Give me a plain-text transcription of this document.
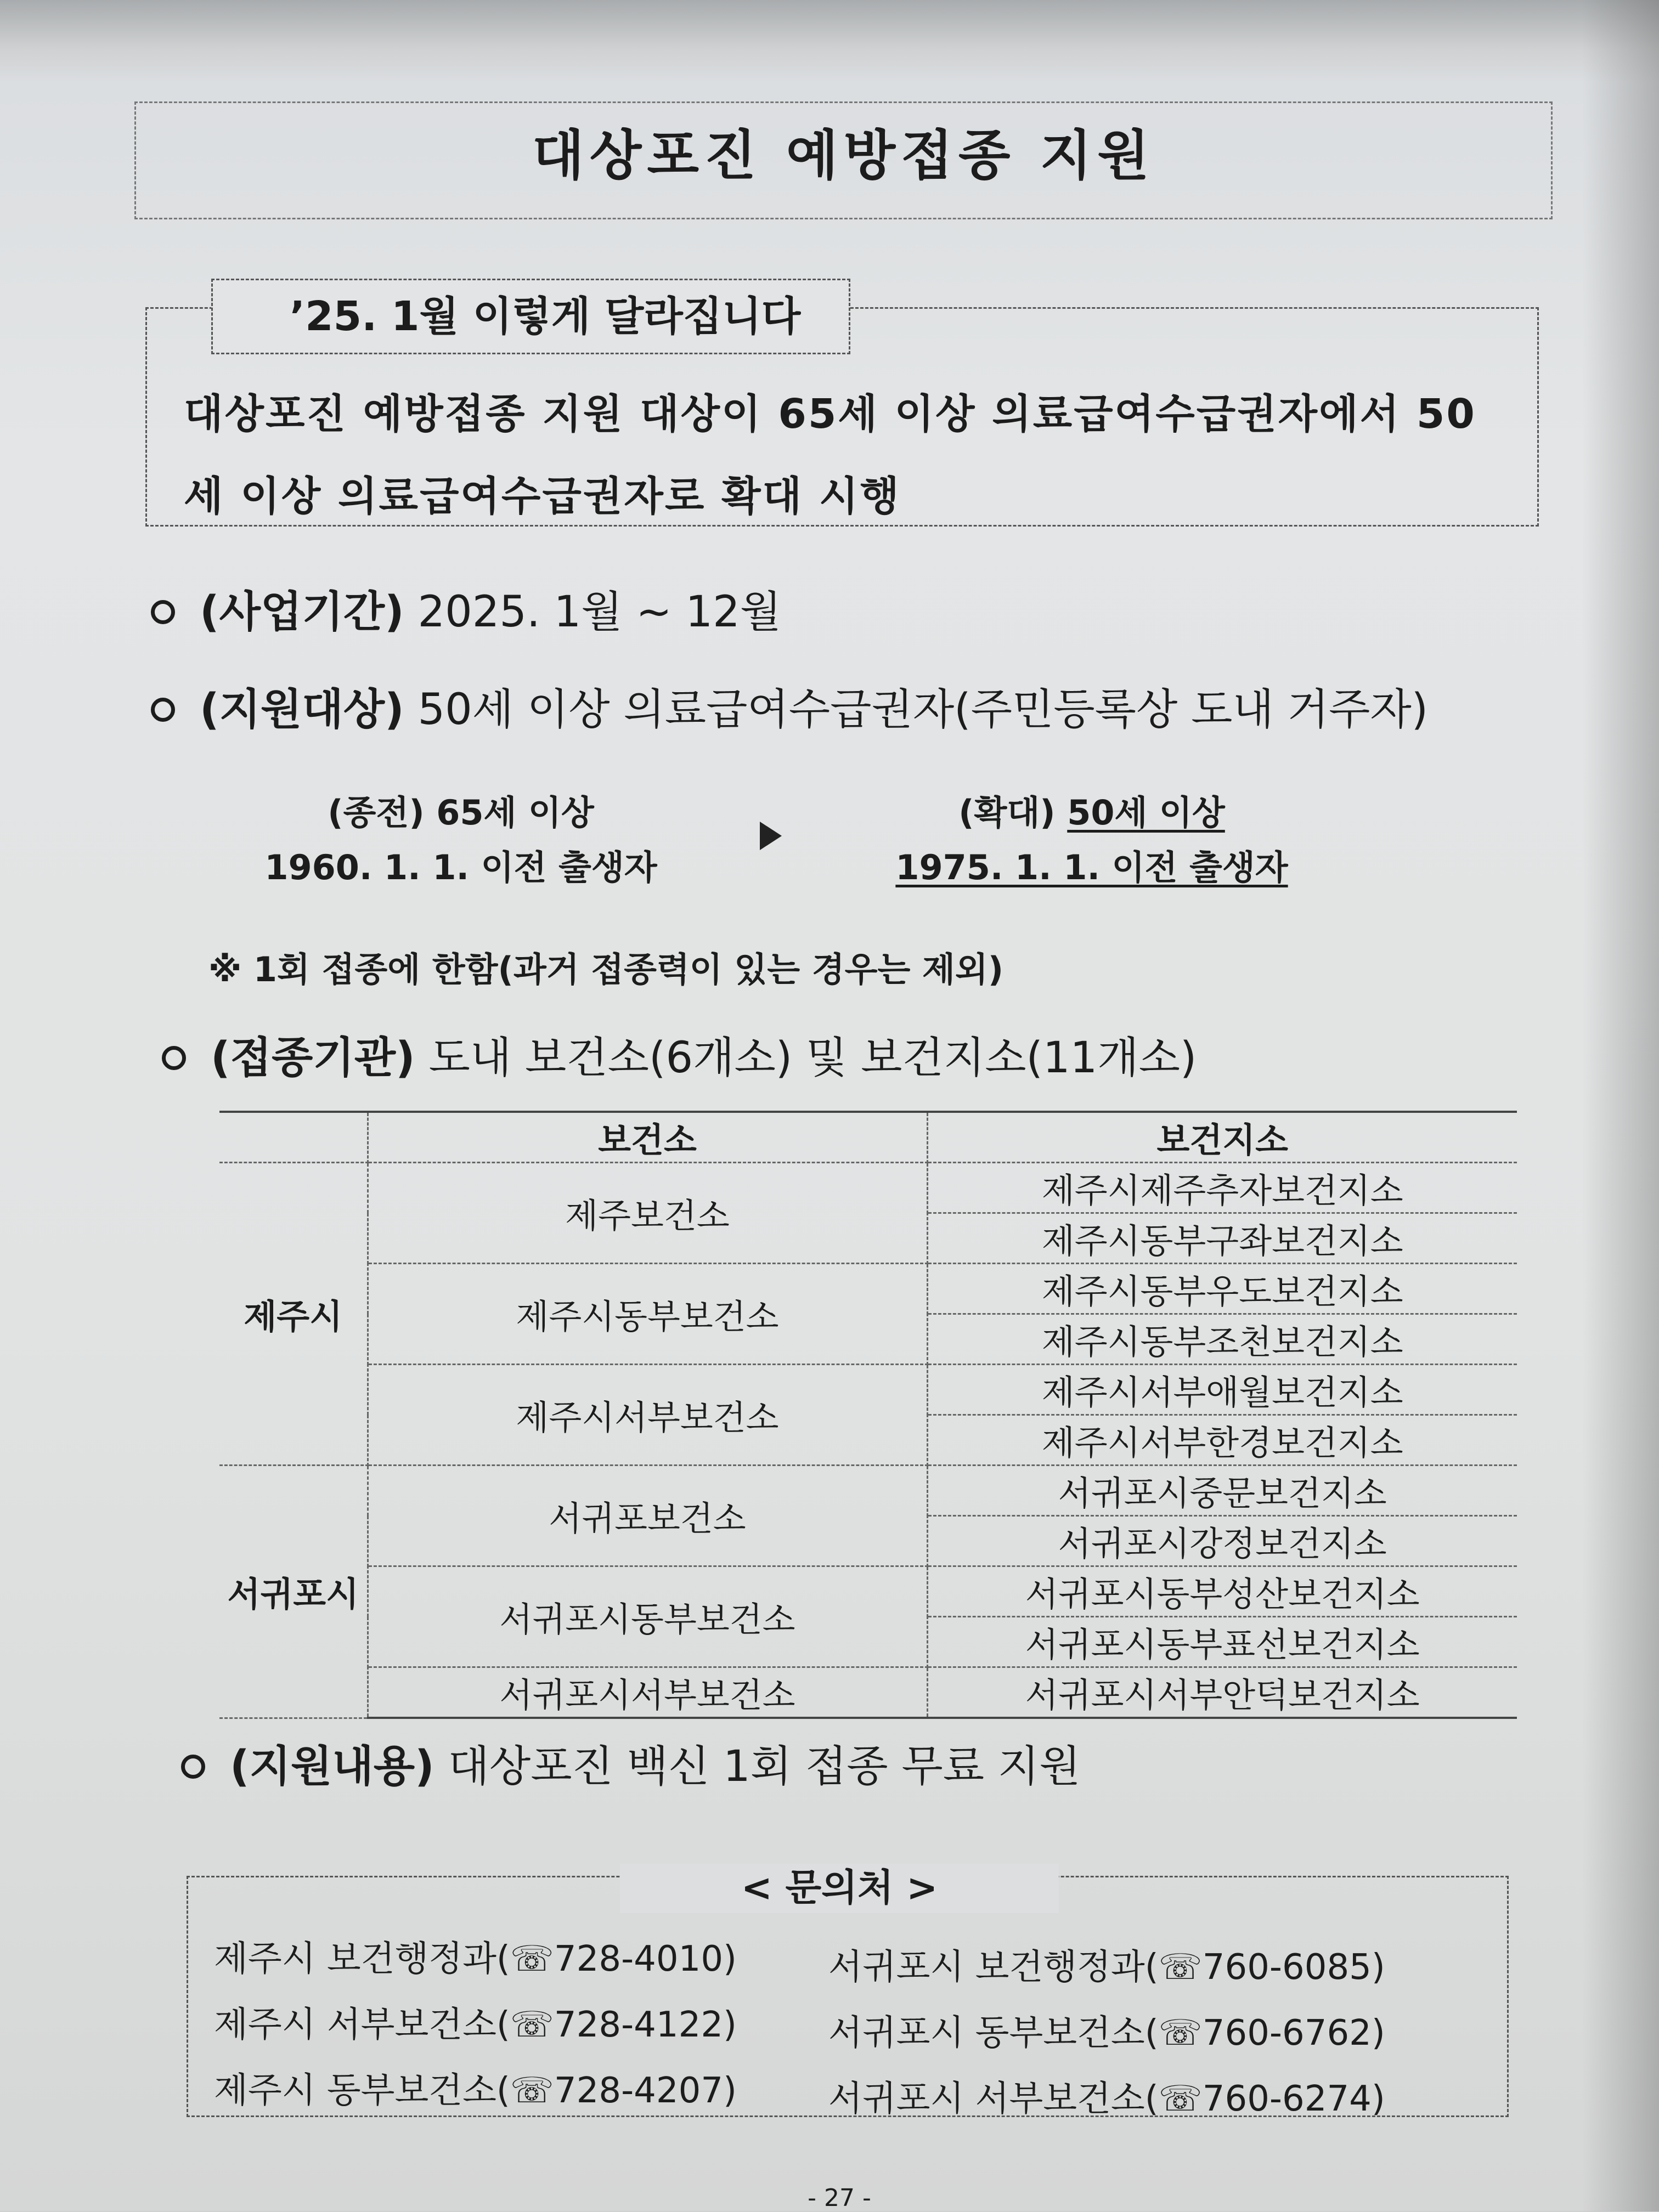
대상포진 예방접종 지원
’25. 1월 이렇게 달라집니다
대상포진 예방접종 지원 대상이 65세 이상 의료급여수급권자에서 50세 이상 의료급여수급권자로 확대 시행
(사업기간) 2025. 1월 ~ 12월
(지원대상) 50세 이상 의료급여수급권자(주민등록상 도내 거주자)
(종전) 65세 이상
1960. 1. 1. 이전 출생자
(확대) 50세 이상
1975. 1. 1. 이전 출생자
※ 1회 접종에 한함(과거 접종력이 있는 경우는 제외)
(접종기관) 도내 보건소(6개소) 및 보건지소(11개소)
	보건소	보건지소
제주시	제주보건소	제주시제주추자보건지소
		제주시동부구좌보건지소
	제주시동부보건소	제주시동부우도보건지소
		제주시동부조천보건지소
	제주시서부보건소	제주시서부애월보건지소
		제주시서부한경보건지소
서귀포시	서귀포보건소	서귀포시중문보건지소
		서귀포시강정보건지소
	서귀포시동부보건소	서귀포시동부성산보건지소
		서귀포시동부표선보건지소
	서귀포시서부보건소	서귀포시서부안덕보건지소
(지원내용) 대상포진 백신 1회 접종 무료 지원
< 문의처 >
제주시 보건행정과(☏728-4010)
제주시 서부보건소(☏728-4122)
제주시 동부보건소(☏728-4207)
서귀포시 보건행정과(☏760-6085)
서귀포시 동부보건소(☏760-6762)
서귀포시 서부보건소(☏760-6274)
- 27 -
